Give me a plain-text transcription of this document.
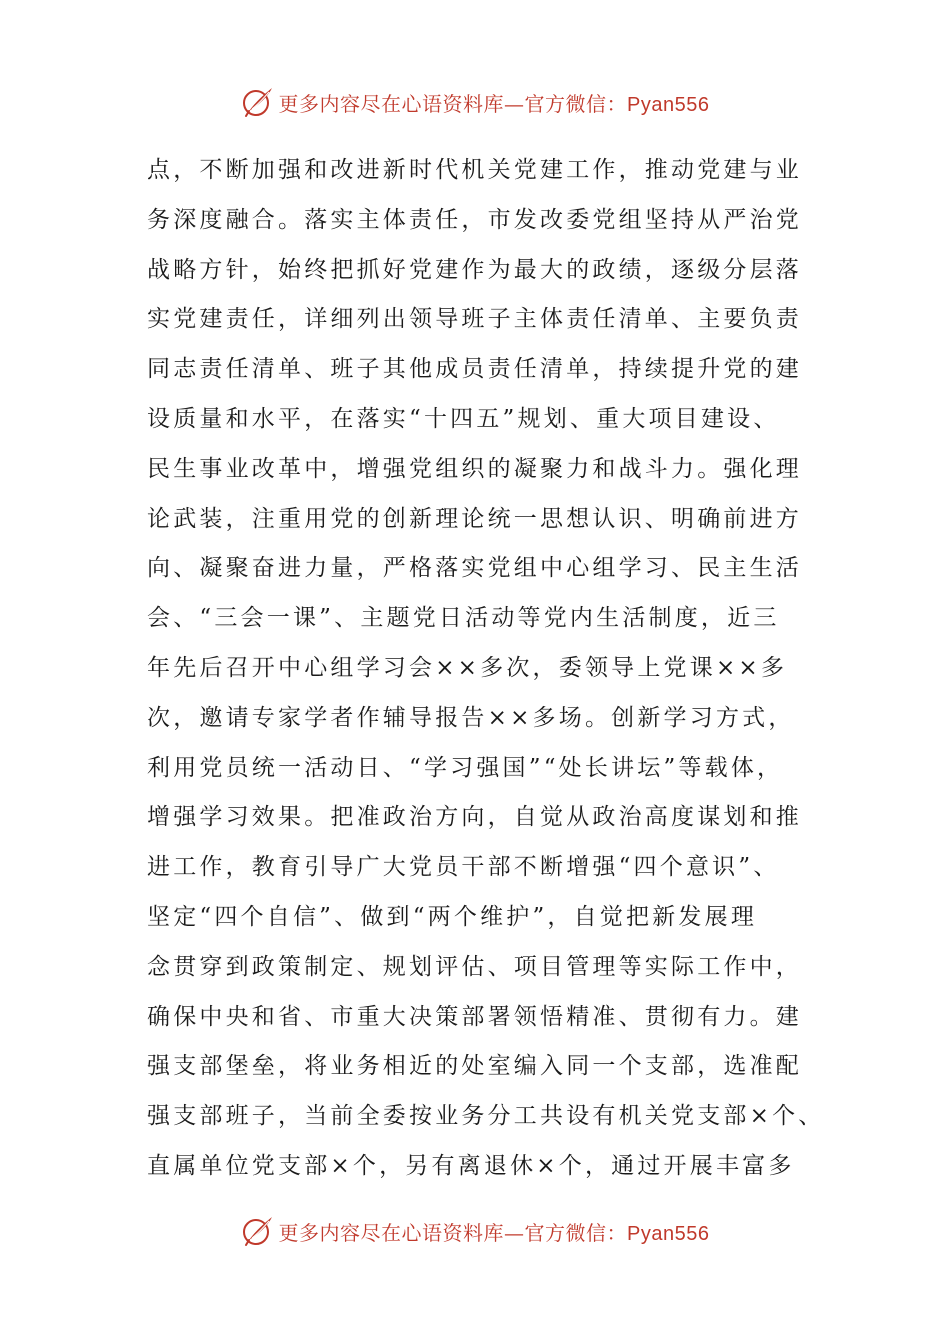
更多内容尽在心语资料库—官方微信：Pyan556
点，不断加强和改进新时代机关党建工作，推动党建与业
务深度融合。落实主体责任，市发改委党组坚持从严治党
战略方针，始终把抓好党建作为最大的政绩，逐级分层落
实党建责任，详细列出领导班子主体责任清单、主要负责
同志责任清单、班子其他成员责任清单，持续提升党的建
设质量和水平，在落实“十四五”规划、重大项目建设、
民生事业改革中，增强党组织的凝聚力和战斗力。强化理
论武装，注重用党的创新理论统一思想认识、明确前进方
向、凝聚奋进力量，严格落实党组中心组学习、民主生活
会、“三会一课”、主题党日活动等党内生活制度，近三
年先后召开中心组学习会××多次，委领导上党课××多
次，邀请专家学者作辅导报告××多场。创新学习方式，
利用党员统一活动日、“学习强国”“处长讲坛”等载体，
增强学习效果。把准政治方向，自觉从政治高度谋划和推
进工作，教育引导广大党员干部不断增强“四个意识”、
坚定“四个自信”、做到“两个维护”，自觉把新发展理
念贯穿到政策制定、规划评估、项目管理等实际工作中，
确保中央和省、市重大决策部署领悟精准、贯彻有力。建
强支部堡垒，将业务相近的处室编入同一个支部，选准配
强支部班子，当前全委按业务分工共设有机关党支部×个、
直属单位党支部×个，另有离退休×个，通过开展丰富多
更多内容尽在心语资料库—官方微信：Pyan556
